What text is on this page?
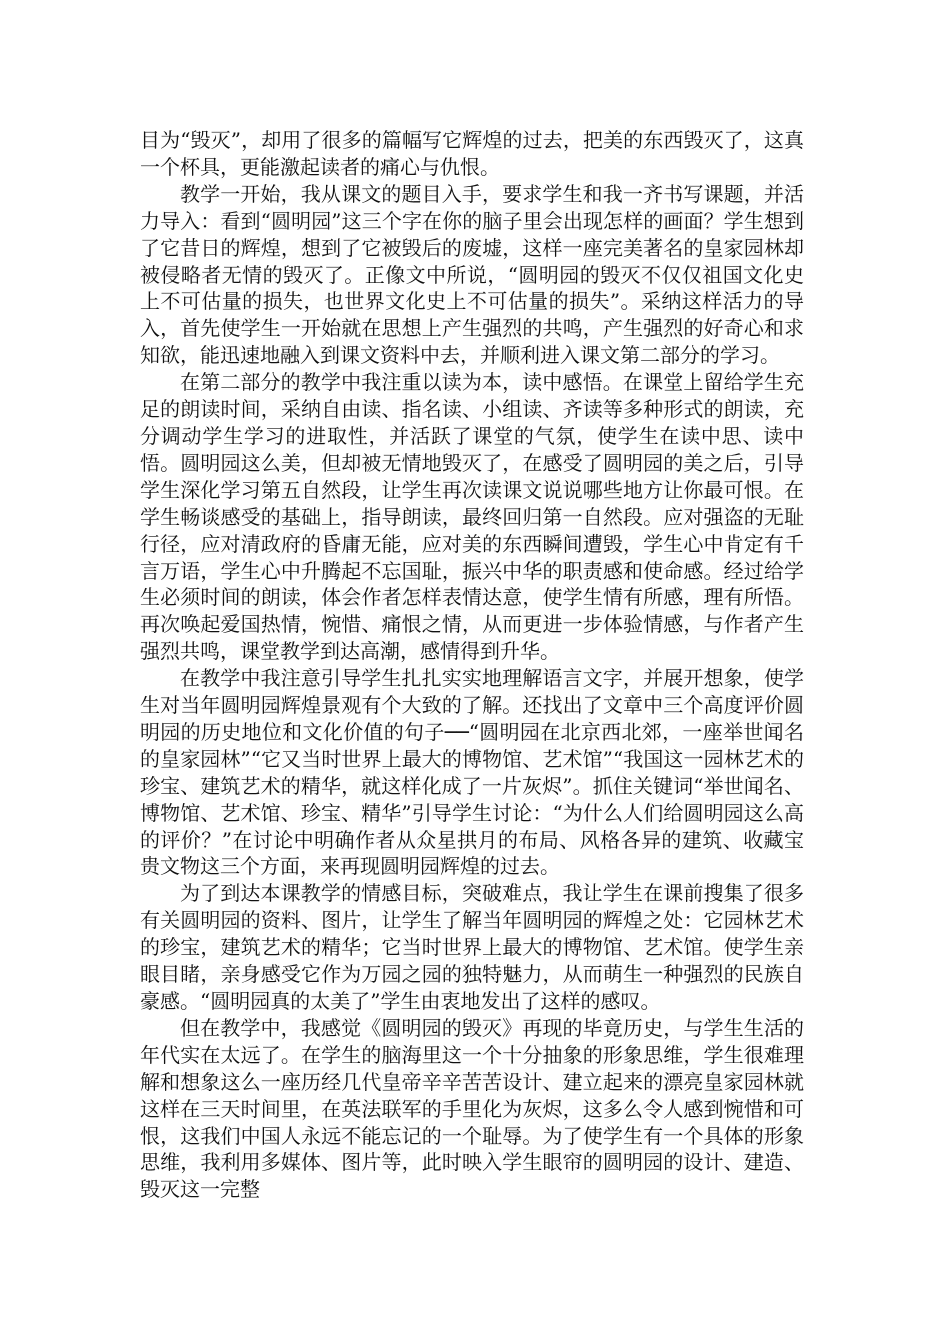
目为“毁灭”，却用了很多的篇幅写它辉煌的过去，把美的东西毁灭了，这真一个杯具，更能激起读者的痛心与仇恨。

教学一开始，我从课文的题目入手，要求学生和我一齐书写课题，并活力导入：看到“圆明园”这三个字在你的脑子里会出现怎样的画面？学生想到了它昔日的辉煌，想到了它被毁后的废墟，这样一座完美著名的皇家园林却被侵略者无情的毁灭了。正像文中所说，“圆明园的毁灭不仅仅祖国文化史上不可估量的损失，也世界文化史上不可估量的损失”。采纳这样活力的导入，首先使学生一开始就在思想上产生强烈的共鸣，产生强烈的好奇心和求知欲，能迅速地融入到课文资料中去，并顺利进入课文第二部分的学习。

在第二部分的教学中我注重以读为本，读中感悟。在课堂上留给学生充足的朗读时间，采纳自由读、指名读、小组读、齐读等多种形式的朗读，充分调动学生学习的进取性，并活跃了课堂的气氛，使学生在读中思、读中悟。圆明园这么美，但却被无情地毁灭了，在感受了圆明园的美之后，引导学生深化学习第五自然段，让学生再次读课文说说哪些地方让你最可恨。在学生畅谈感受的基础上，指导朗读，最终回归第一自然段。应对强盗的无耻行径，应对清政府的昏庸无能，应对美的东西瞬间遭毁，学生心中肯定有千言万语，学生心中升腾起不忘国耻，振兴中华的职责感和使命感。经过给学生必须时间的朗读，体会作者怎样表情达意，使学生情有所感，理有所悟。再次唤起爱国热情，惋惜、痛恨之情，从而更进一步体验情感，与作者产生强烈共鸣，课堂教学到达高潮，感情得到升华。

在教学中我注意引导学生扎扎实实地理解语言文字，并展开想象，使学生对当年圆明园辉煌景观有个大致的了解。还找出了文章中三个高度评价圆明园的历史地位和文化价值的句子──“圆明园在北京西北郊，一座举世闻名的皇家园林”“它又当时世界上最大的博物馆、艺术馆”“我国这一园林艺术的珍宝、建筑艺术的精华，就这样化成了一片灰烬”。抓住关键词“举世闻名、博物馆、艺术馆、珍宝、精华”引导学生讨论：“为什么人们给圆明园这么高的评价？”在讨论中明确作者从众星拱月的布局、风格各异的建筑、收藏宝贵文物这三个方面，来再现圆明园辉煌的过去。

为了到达本课教学的情感目标，突破难点，我让学生在课前搜集了很多有关圆明园的资料、图片，让学生了解当年圆明园的辉煌之处：它园林艺术的珍宝，建筑艺术的精华；它当时世界上最大的博物馆、艺术馆。使学生亲眼目睹，亲身感受它作为万园之园的独特魅力，从而萌生一种强烈的民族自豪感。“圆明园真的太美了”学生由衷地发出了这样的感叹。

但在教学中，我感觉《圆明园的毁灭》再现的毕竟历史，与学生生活的年代实在太远了。在学生的脑海里这一个十分抽象的形象思维，学生很难理解和想象这么一座历经几代皇帝辛辛苦苦设计、建立起来的漂亮皇家园林就这样在三天时间里，在英法联军的手里化为灰烬，这多么令人感到惋惜和可恨，这我们中国人永远不能忘记的一个耻辱。为了使学生有一个具体的形象思维，我利用多媒体、图片等，此时映入学生眼帘的圆明园的设计、建造、毁灭这一完整
